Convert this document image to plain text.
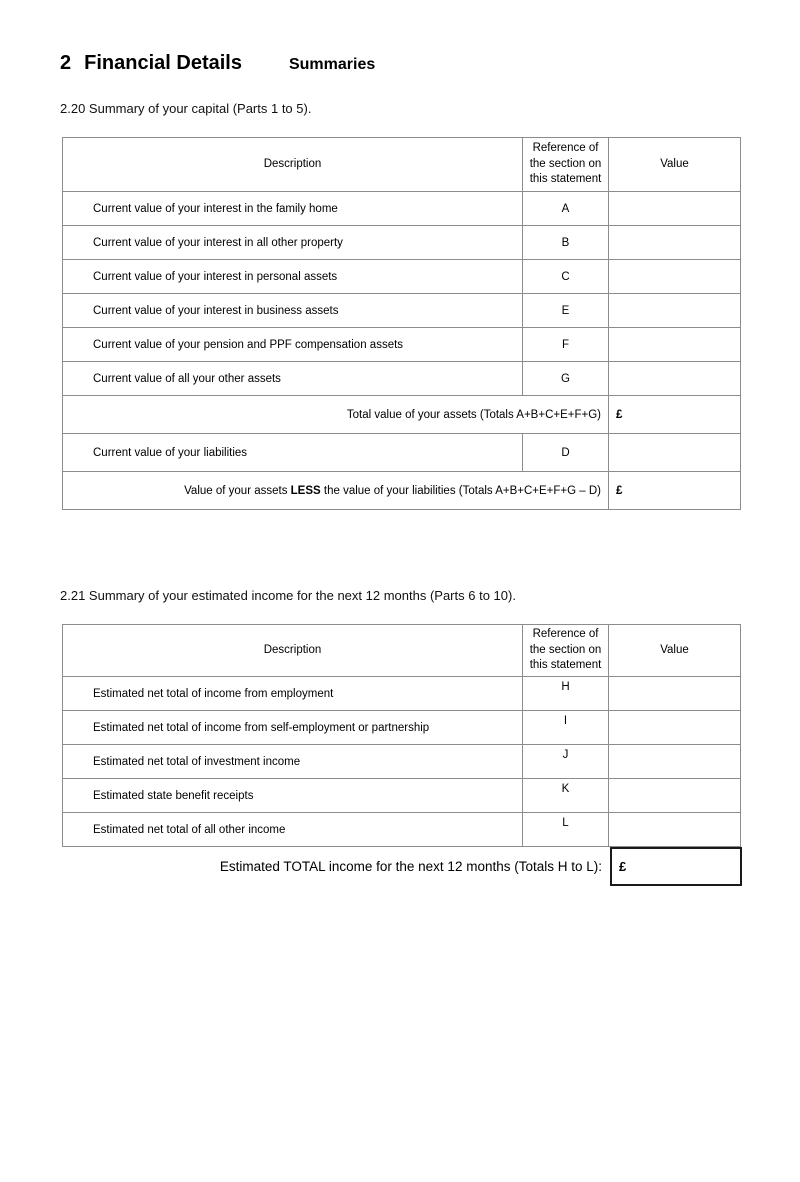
2 Financial Details	Summaries
2.20 Summary of your capital (Parts 1 to 5).
Description	Reference of the section on this statement	Value
Current value of your interest in the family home	A	
Current value of your interest in all other property	B	
Current value of your interest in personal assets	C	
Current value of your interest in business assets	E	
Current value of your pension and PPF compensation assets	F	
Current value of all your other assets	G	
Total value of your assets (Totals A+B+C+E+F+G)		£
Current value of your liabilities	D	
Value of your assets LESS the value of your liabilities (Totals A+B+C+E+F+G – D)		£
2.21 Summary of your estimated income for the next 12 months (Parts 6 to 10).
Description	Reference of the section on this statement	Value
Estimated net total of income from employment	H	
Estimated net total of income from self-employment or partnership	I	
Estimated net total of investment income	J	
Estimated state benefit receipts	K	
Estimated net total of all other income	L	
Estimated TOTAL income for the next 12 months (Totals H to L):	£
